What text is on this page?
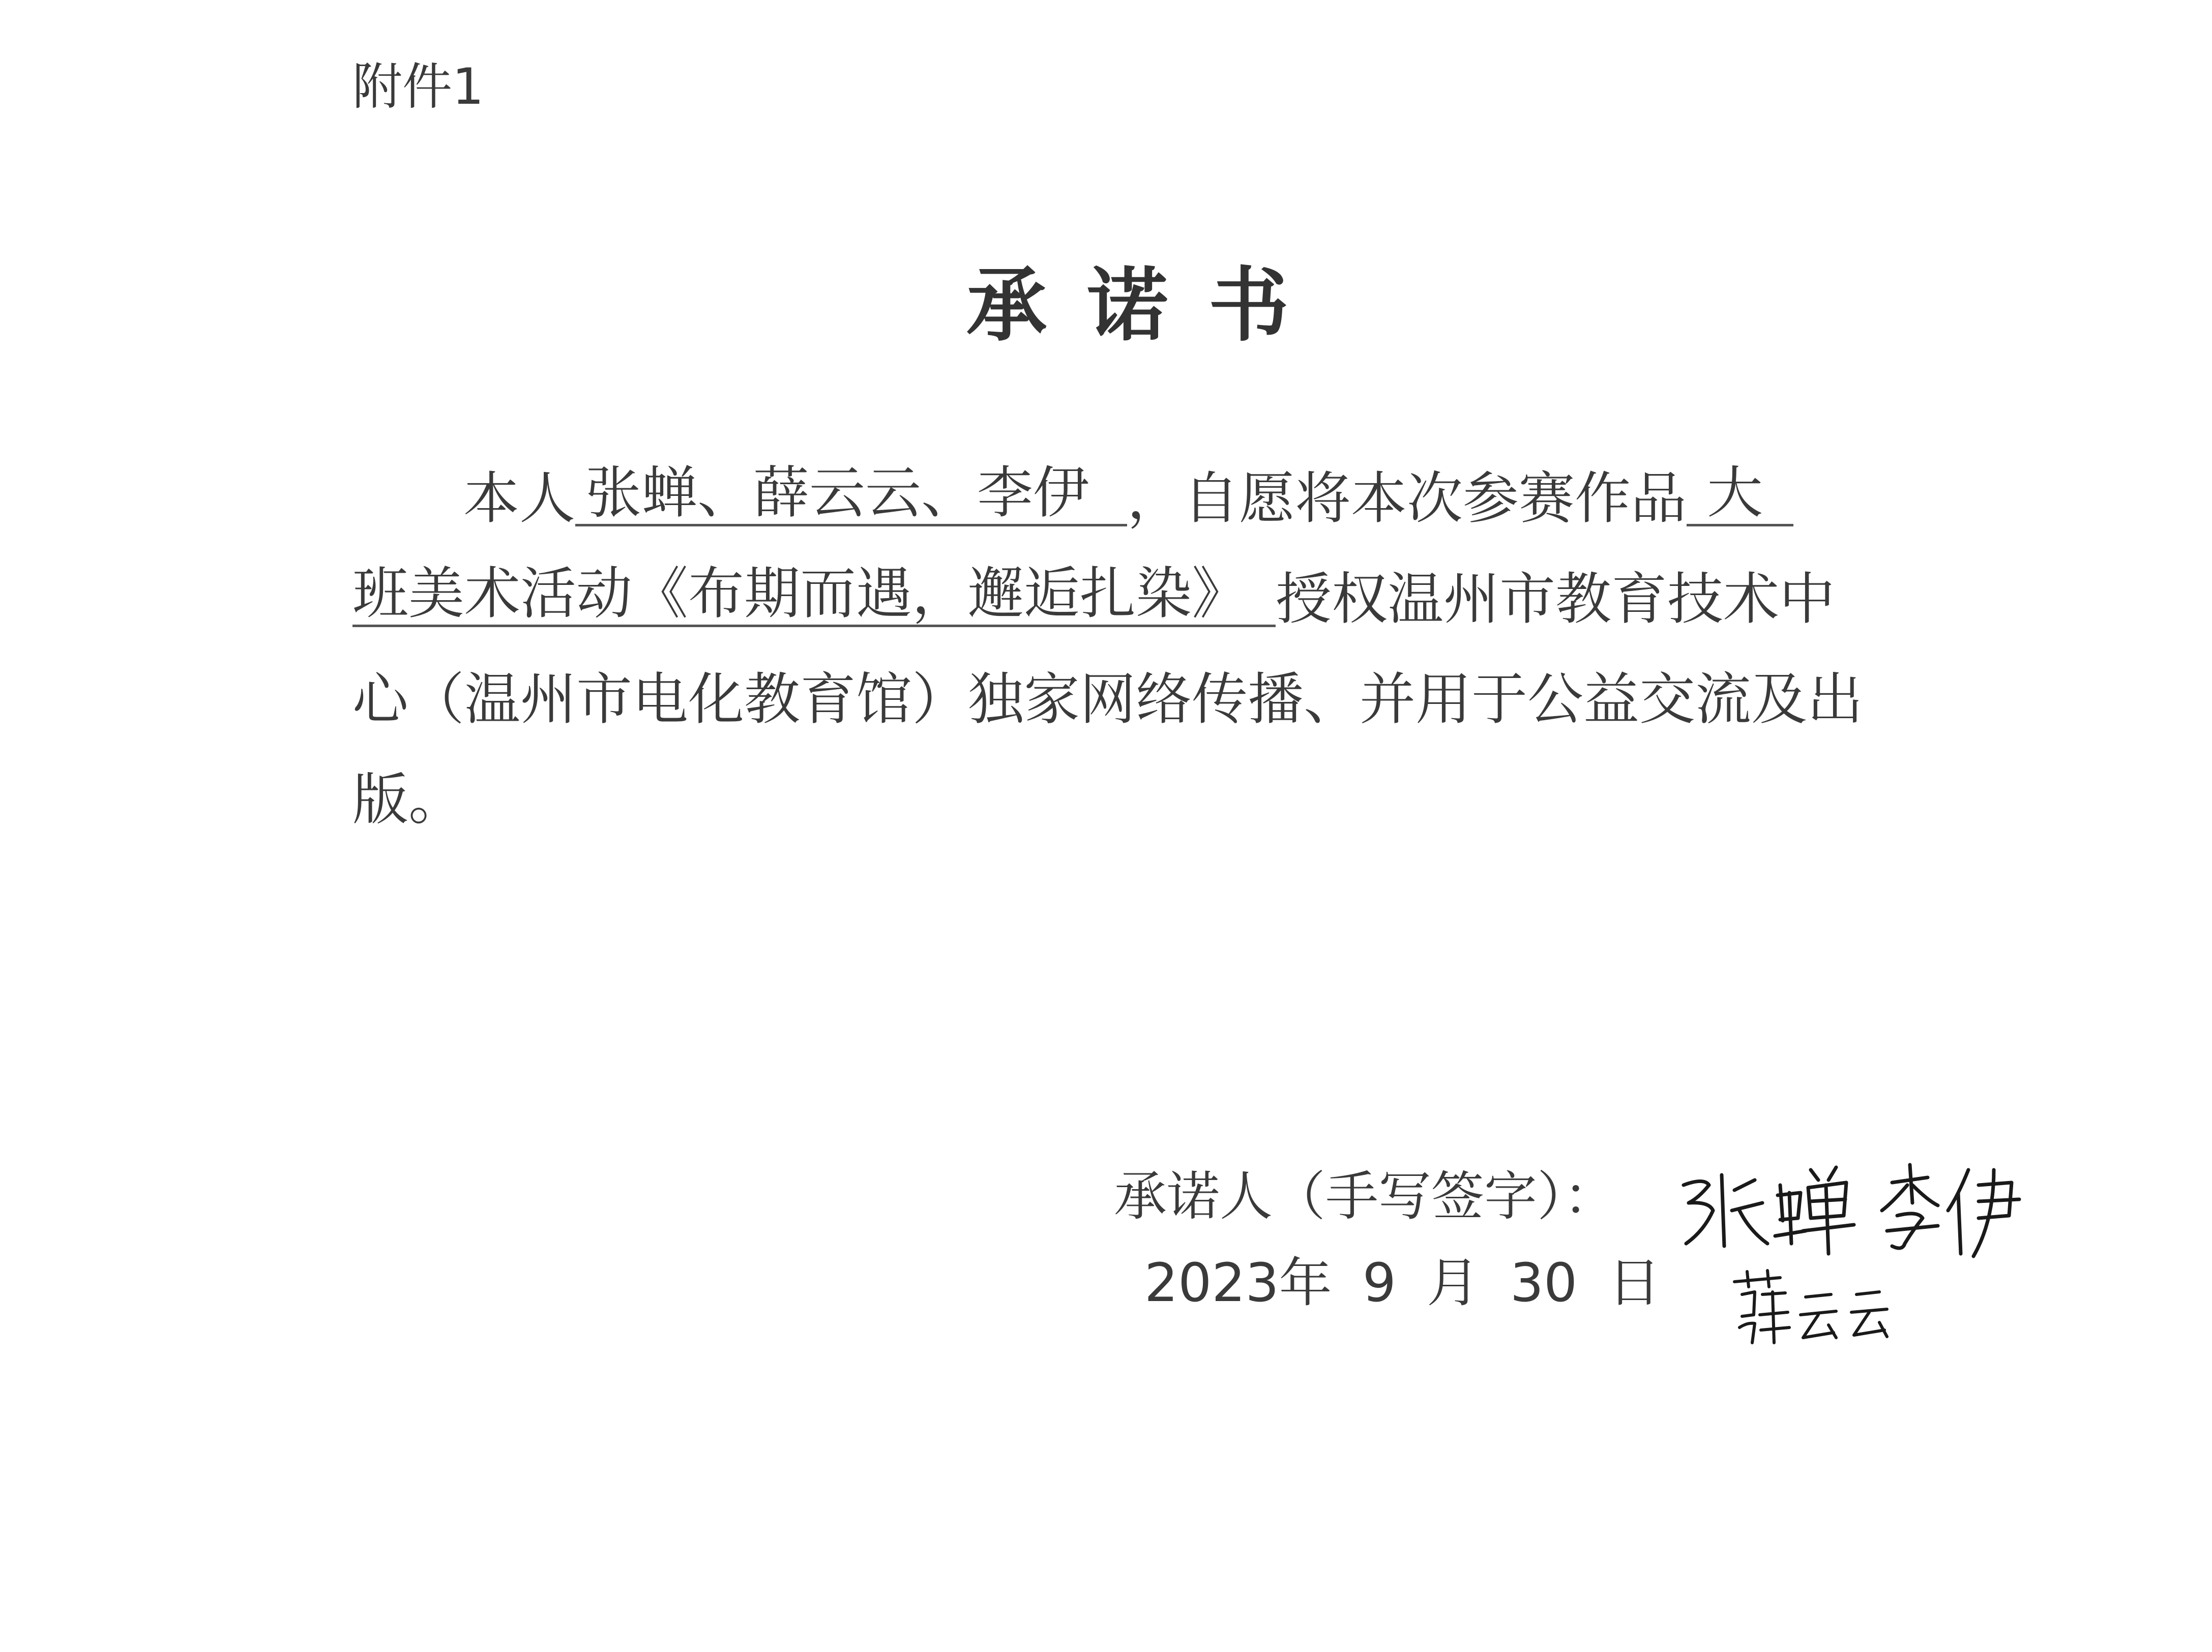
附件1
承诺书
本人 张蝉、薛云云、李伊 ，自愿将本次参赛作品 大
班美术活动《布期而遇，邂逅扎染》 授权温州市教育技术中
心（温州市电化教育馆）独家网络传播、并用于公益交流及出
版。
承诺人（手写签字）：
2023年 9 月 30 日
